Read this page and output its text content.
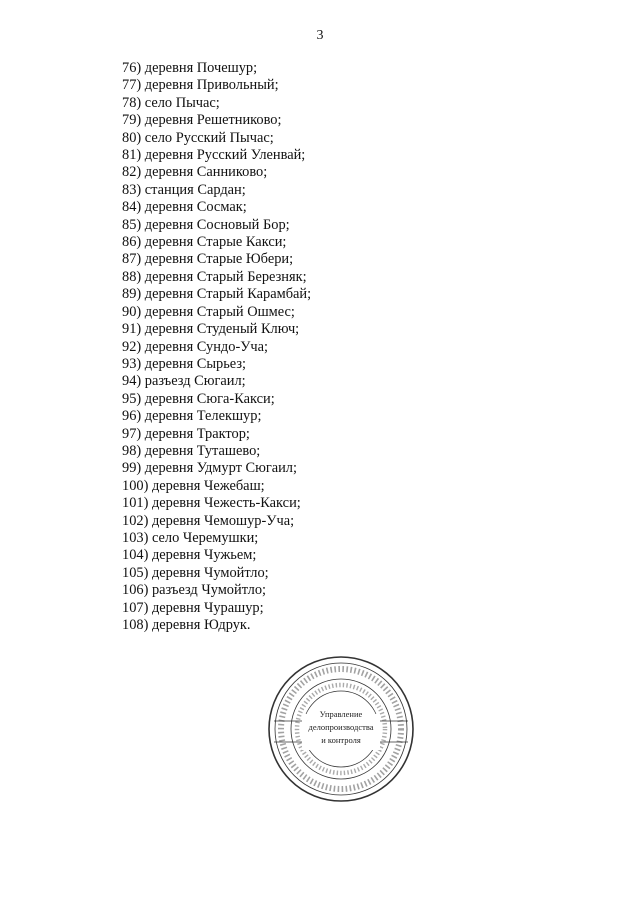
3
76) деревня Почешур;
77) деревня Привольный;
78) село Пычас;
79) деревня Решетниково;
80) село Русский Пычас;
81) деревня Русский Уленвай;
82) деревня Санниково;
83) станция Сардан;
84) деревня Сосмак;
85) деревня Сосновый Бор;
86) деревня Старые Какси;
87) деревня Старые Юбери;
88) деревня Старый Березняк;
89) деревня Старый Карамбай;
90) деревня Старый Ошмес;
91) деревня Студеный Ключ;
92) деревня Сундо-Уча;
93) деревня Сырьез;
94) разъезд Сюгаил;
95) деревня Сюга-Какси;
96) деревня Телекшур;
97) деревня Трактор;
98) деревня Туташево;
99) деревня Удмурт Сюгаил;
100) деревня Чежебаш;
101) деревня Чежесть-Какси;
102) деревня Чемошур-Уча;
103) село Черемушки;
104) деревня Чужьем;
105) деревня Чумойтло;
106) разъезд Чумойтло;
107) деревня Чурашур;
108) деревня Юдрук.
Управление
делопроизводства
и контроля
